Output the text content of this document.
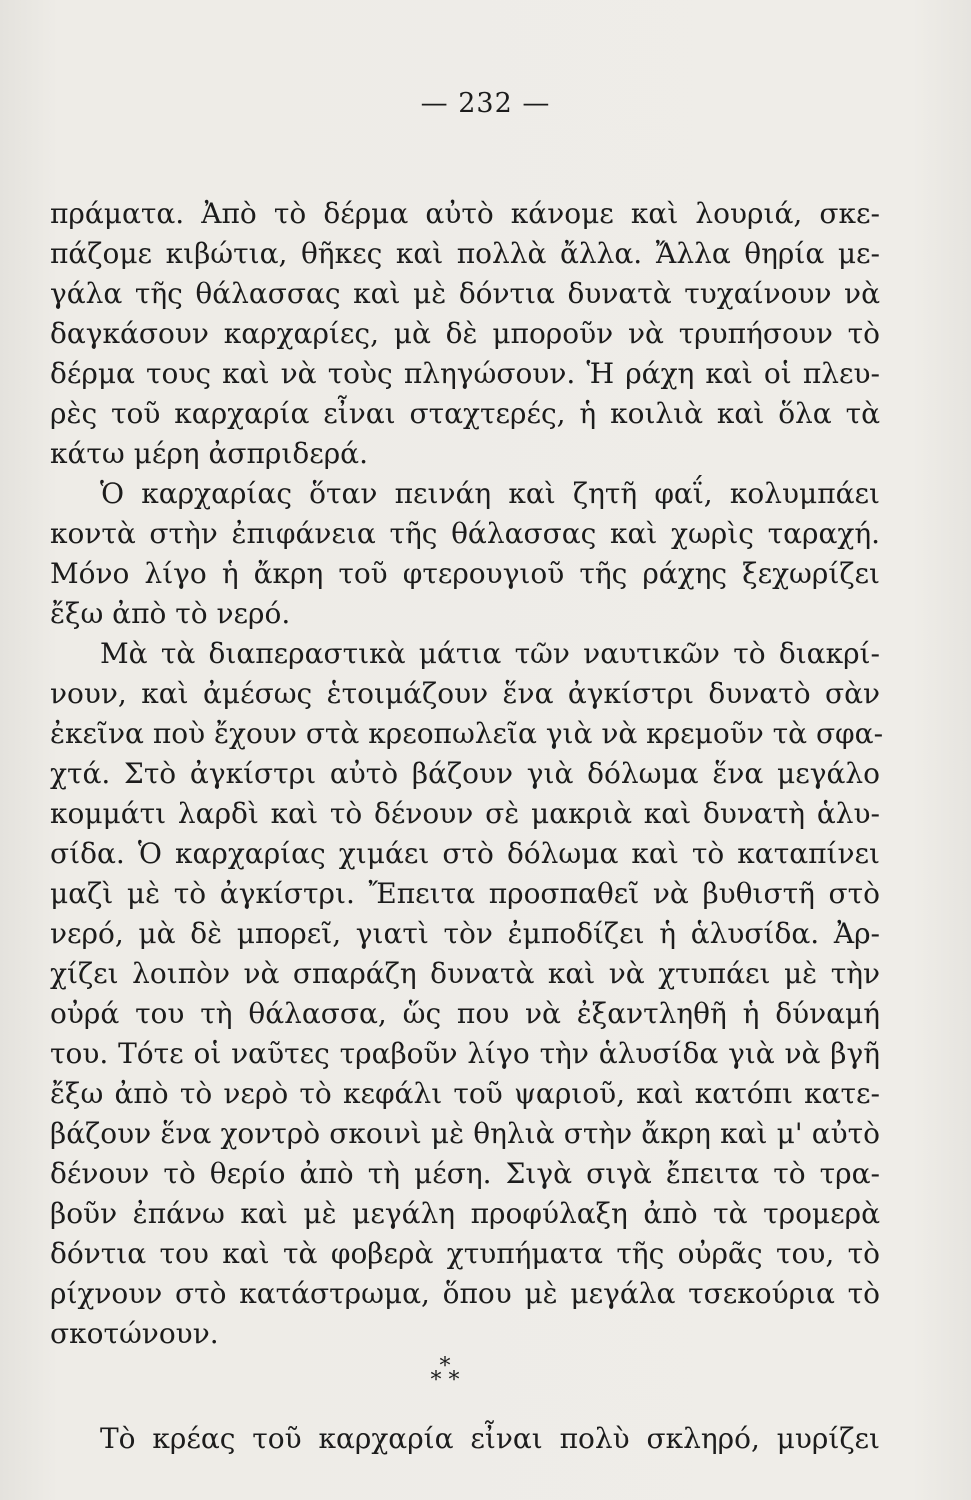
— 232 —
πράματα. Ἀπὸ τὸ δέρμα αὐτὸ κάνομε καὶ λουριά, σκε-
πάζομε κιβώτια, θῆκες καὶ πολλὰ ἄλλα. Ἄλλα θηρία με-
γάλα τῆς θάλασσας καὶ μὲ δόντια δυνατὰ τυχαίνουν νὰ
δαγκάσουν καρχαρίες, μὰ δὲ μποροῦν νὰ τρυπήσουν τὸ
δέρμα τους καὶ νὰ τοὺς πληγώσουν. Ἡ ράχη καὶ οἱ πλευ-
ρὲς τοῦ καρχαρία εἶναι σταχτερές, ἡ κοιλιὰ καὶ ὅλα τὰ
κάτω μέρη ἀσπριδερά.
Ὁ καρχαρίας ὅταν πεινάη καὶ ζητῆ φαΐ, κολυμπάει
κοντὰ στὴν ἐπιφάνεια τῆς θάλασσας καὶ χωρὶς ταραχή.
Μόνο λίγο ἡ ἄκρη τοῦ φτερουγιοῦ τῆς ράχης ξεχωρίζει
ἔξω ἀπὸ τὸ νερό.
Μὰ τὰ διαπεραστικὰ μάτια τῶν ναυτικῶν τὸ διακρί-
νουν, καὶ ἀμέσως ἑτοιμάζουν ἕνα ἀγκίστρι δυνατὸ σὰν
ἐκεῖνα ποὺ ἔχουν στὰ κρεοπωλεῖα γιὰ νὰ κρεμοῦν τὰ σφα-
χτά. Στὸ ἀγκίστρι αὐτὸ βάζουν γιὰ δόλωμα ἕνα μεγάλο
κομμάτι λαρδὶ καὶ τὸ δένουν σὲ μακριὰ καὶ δυνατὴ ἁλυ-
σίδα. Ὁ καρχαρίας χιμάει στὸ δόλωμα καὶ τὸ καταπίνει
μαζὶ μὲ τὸ ἀγκίστρι. Ἔπειτα προσπαθεῖ νὰ βυθιστῆ στὸ
νερό, μὰ δὲ μπορεῖ, γιατὶ τὸν ἐμποδίζει ἡ ἁλυσίδα. Ἀρ-
χίζει λοιπὸν νὰ σπαράζη δυνατὰ καὶ νὰ χτυπάει μὲ τὴν
οὐρά του τὴ θάλασσα, ὥς που νὰ ἐξαντληθῆ ἡ δύναμή
του. Τότε οἱ ναῦτες τραβοῦν λίγο τὴν ἁλυσίδα γιὰ νὰ βγῆ
ἔξω ἀπὸ τὸ νερὸ τὸ κεφάλι τοῦ ψαριοῦ, καὶ κατόπι κατε-
βάζουν ἕνα χοντρὸ σκοινὶ μὲ θηλιὰ στὴν ἄκρη καὶ μ' αὐτὸ
δένουν τὸ θερίο ἀπὸ τὴ μέση. Σιγὰ σιγὰ ἔπειτα τὸ τρα-
βοῦν ἐπάνω καὶ μὲ μεγάλη προφύλαξη ἀπὸ τὰ τρομερὰ
δόντια του καὶ τὰ φοβερὰ χτυπήματα τῆς οὐρᾶς του, τὸ
ρίχνουν στὸ κατάστρωμα, ὅπου μὲ μεγάλα τσεκούρια τὸ
σκοτώνουν.
*
* *
Τὸ κρέας τοῦ καρχαρία εἶναι πολὺ σκληρό, μυρίζει
